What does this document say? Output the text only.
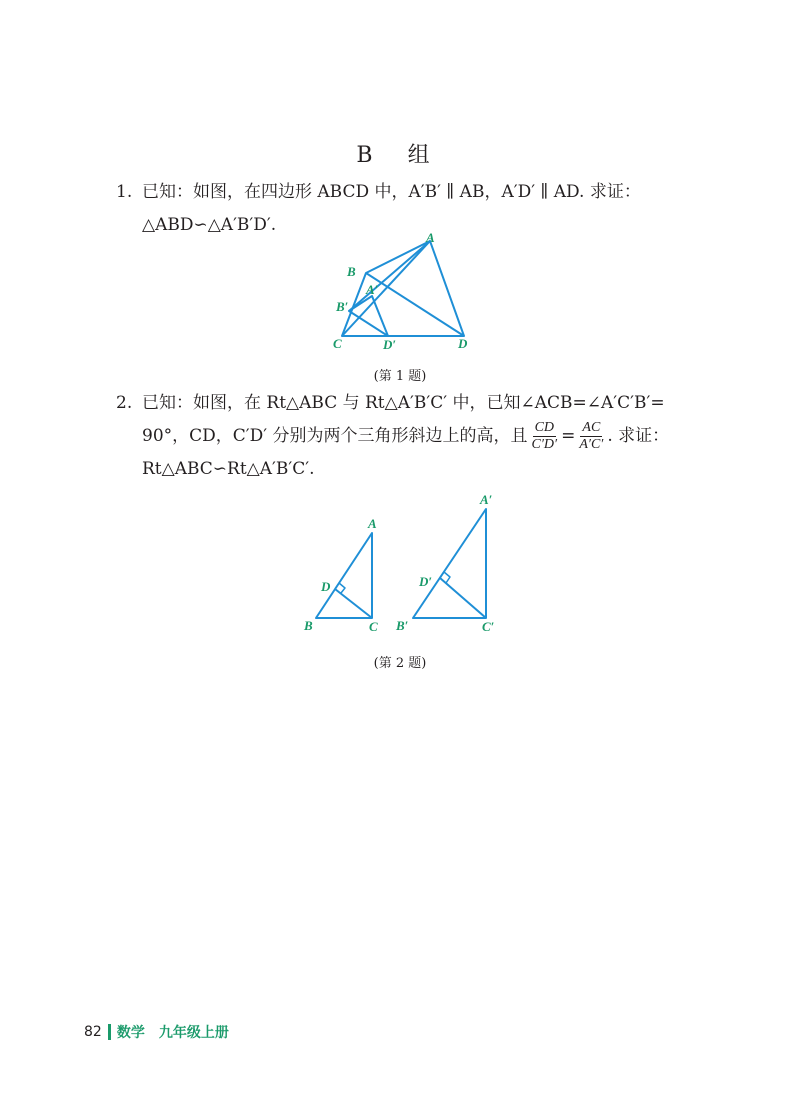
B 组
1. 已知：如图，在四边形 ABCD 中，A′B′ ∥ AB，A′D′ ∥ AD. 求证：
△ABD∽△A′B′D′.
A
B
A′
B′
C	D′	D
(第 1 题)
2. 已知：如图，在 Rt△ABC 与 Rt△A′B′C′ 中，已知∠ACB=∠A′C′B′=
90°，CD，C′D′ 分别为两个三角形斜边上的高，且 $\frac{CD}{C'D'} = \frac{AC}{A'C'}$ . 求证：
Rt△ABC∽Rt△A′B′C′.
A
D
B	C
A′
D′
B′	C′
(第 2 题)
82 数学　九年级上册
